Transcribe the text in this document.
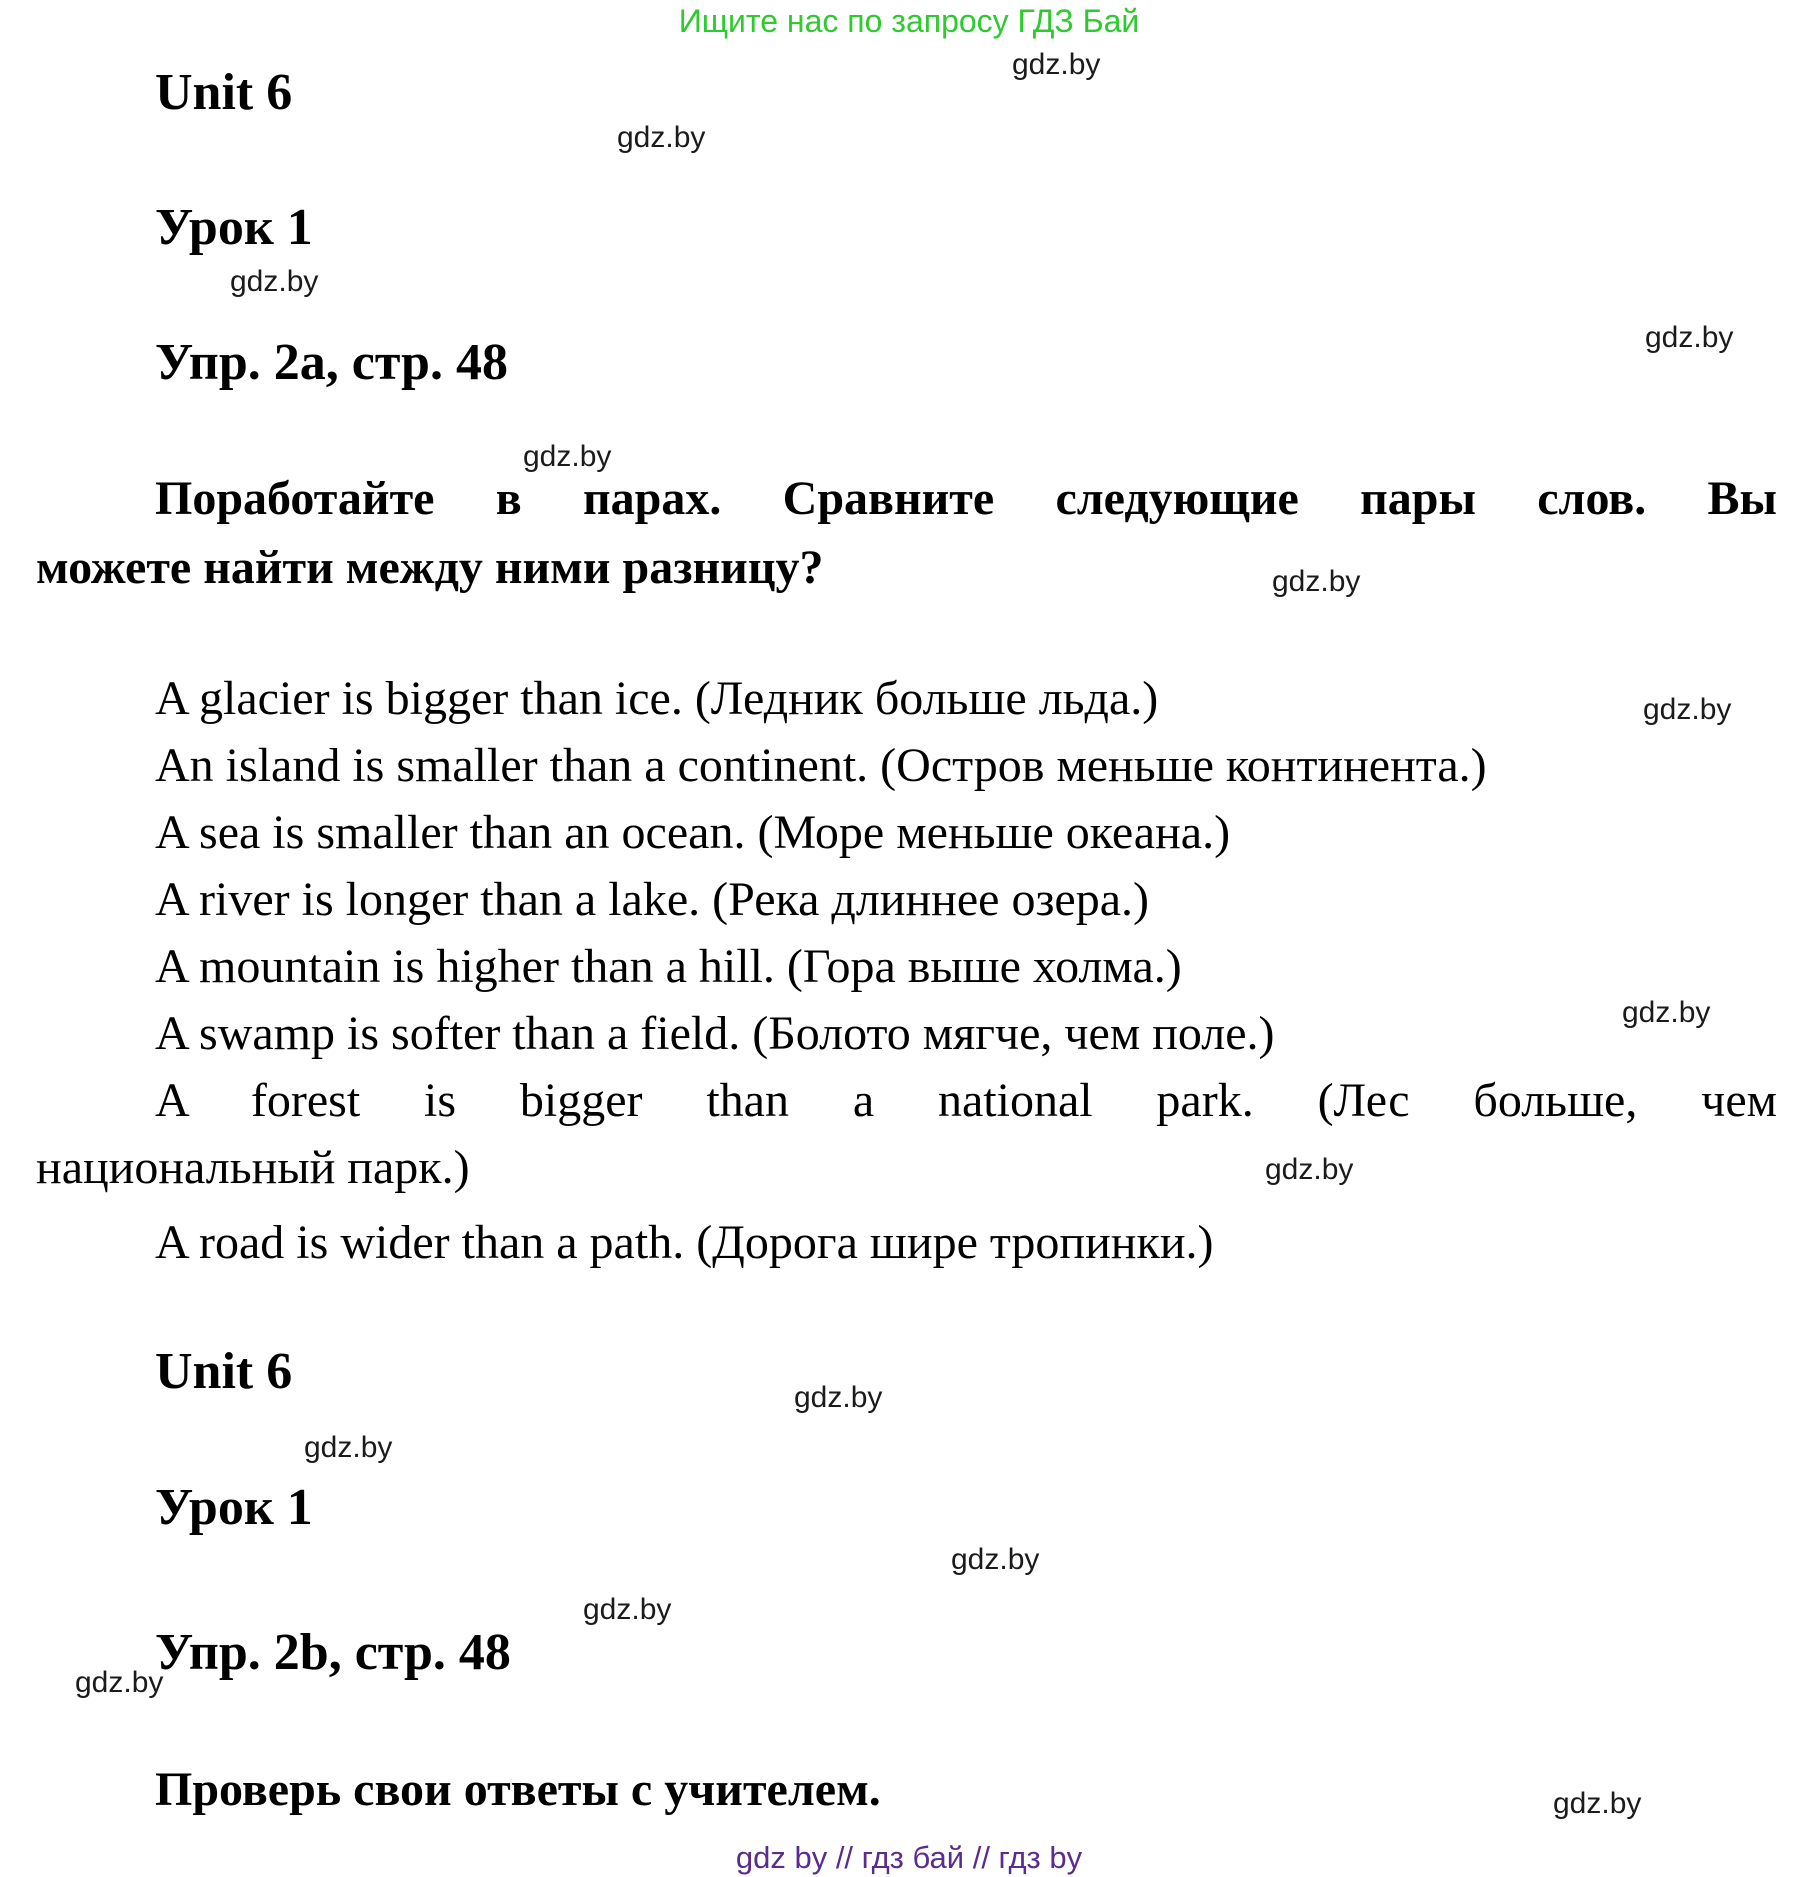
Ищите нас по запросу ГДЗ Бай
gdz.by
gdz.by
gdz.by
gdz.by
gdz.by
gdz.by
gdz.by
gdz.by
gdz.by
gdz.by
gdz.by
gdz.by
gdz.by
gdz.by
gdz.by
Unit 6
Урок 1
Упр. 2а, стр. 48
Поработайте в парах. Сравните следующие пары слов. Вы
можете найти между ними разницу?

A glacier is bigger than ice. (Ледник больше льда.)

An island is smaller than a continent. (Остров меньше континента.)

A sea is smaller than an ocean. (Море меньше океана.)

A river is longer than a lake. (Река длиннее озера.)

A mountain is higher than a hill. (Гора выше холма.)

A swamp is softer than a field. (Болото мягче, чем поле.)

A forest is bigger than a national park. (Лес больше, чем
национальный парк.)

A road is wider than a path. (Дорога шире тропинки.)

Unit 6
Урок 1
Упр. 2b, стр. 48

Проверь свои ответы с учителем.

gdz by // гдз бай // гдз by
